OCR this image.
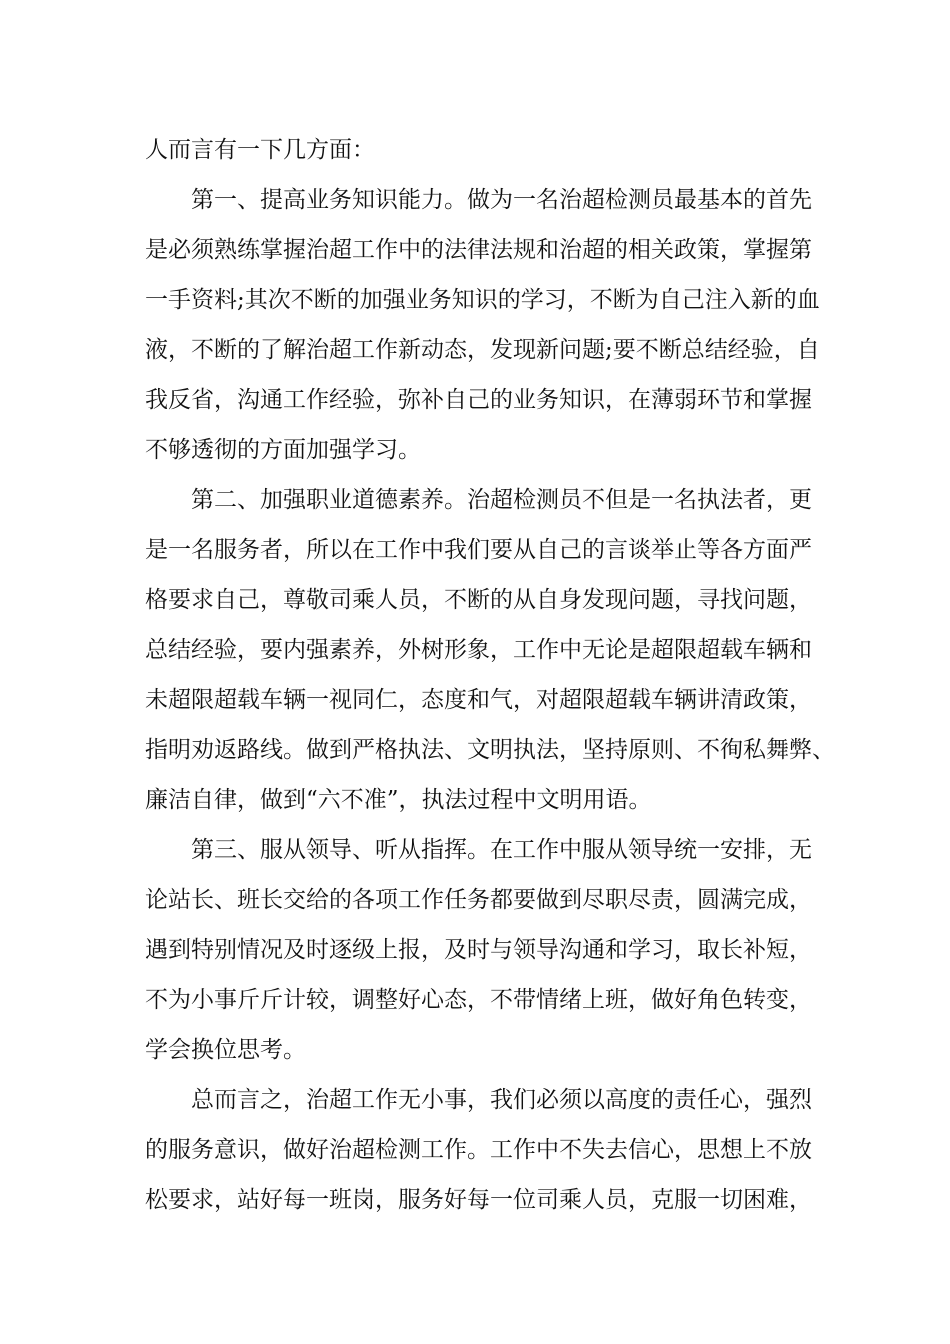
人而言有一下几方面：
　　第一、提高业务知识能力。做为一名治超检测员最基本的首先
是必须熟练掌握治超工作中的法律法规和治超的相关政策，掌握第
一手资料;其次不断的加强业务知识的学习，不断为自己注入新的血
液，不断的了解治超工作新动态，发现新问题;要不断总结经验，自
我反省，沟通工作经验，弥补自己的业务知识，在薄弱环节和掌握
不够透彻的方面加强学习。
　　第二、加强职业道德素养。治超检测员不但是一名执法者，更
是一名服务者，所以在工作中我们要从自己的言谈举止等各方面严
格要求自己，尊敬司乘人员，不断的从自身发现问题，寻找问题，
总结经验，要内强素养，外树形象，工作中无论是超限超载车辆和
未超限超载车辆一视同仁，态度和气，对超限超载车辆讲清政策，
指明劝返路线。做到严格执法、文明执法，坚持原则、不徇私舞弊、
廉洁自律，做到“六不准”，执法过程中文明用语。
　　第三、服从领导、听从指挥。在工作中服从领导统一安排，无
论站长、班长交给的各项工作任务都要做到尽职尽责，圆满完成，
遇到特别情况及时逐级上报，及时与领导沟通和学习，取长补短，
不为小事斤斤计较，调整好心态，不带情绪上班，做好角色转变，
学会换位思考。
　　总而言之，治超工作无小事，我们必须以高度的责任心，强烈
的服务意识，做好治超检测工作。工作中不失去信心，思想上不放
松要求，站好每一班岗，服务好每一位司乘人员，克服一切困难，
